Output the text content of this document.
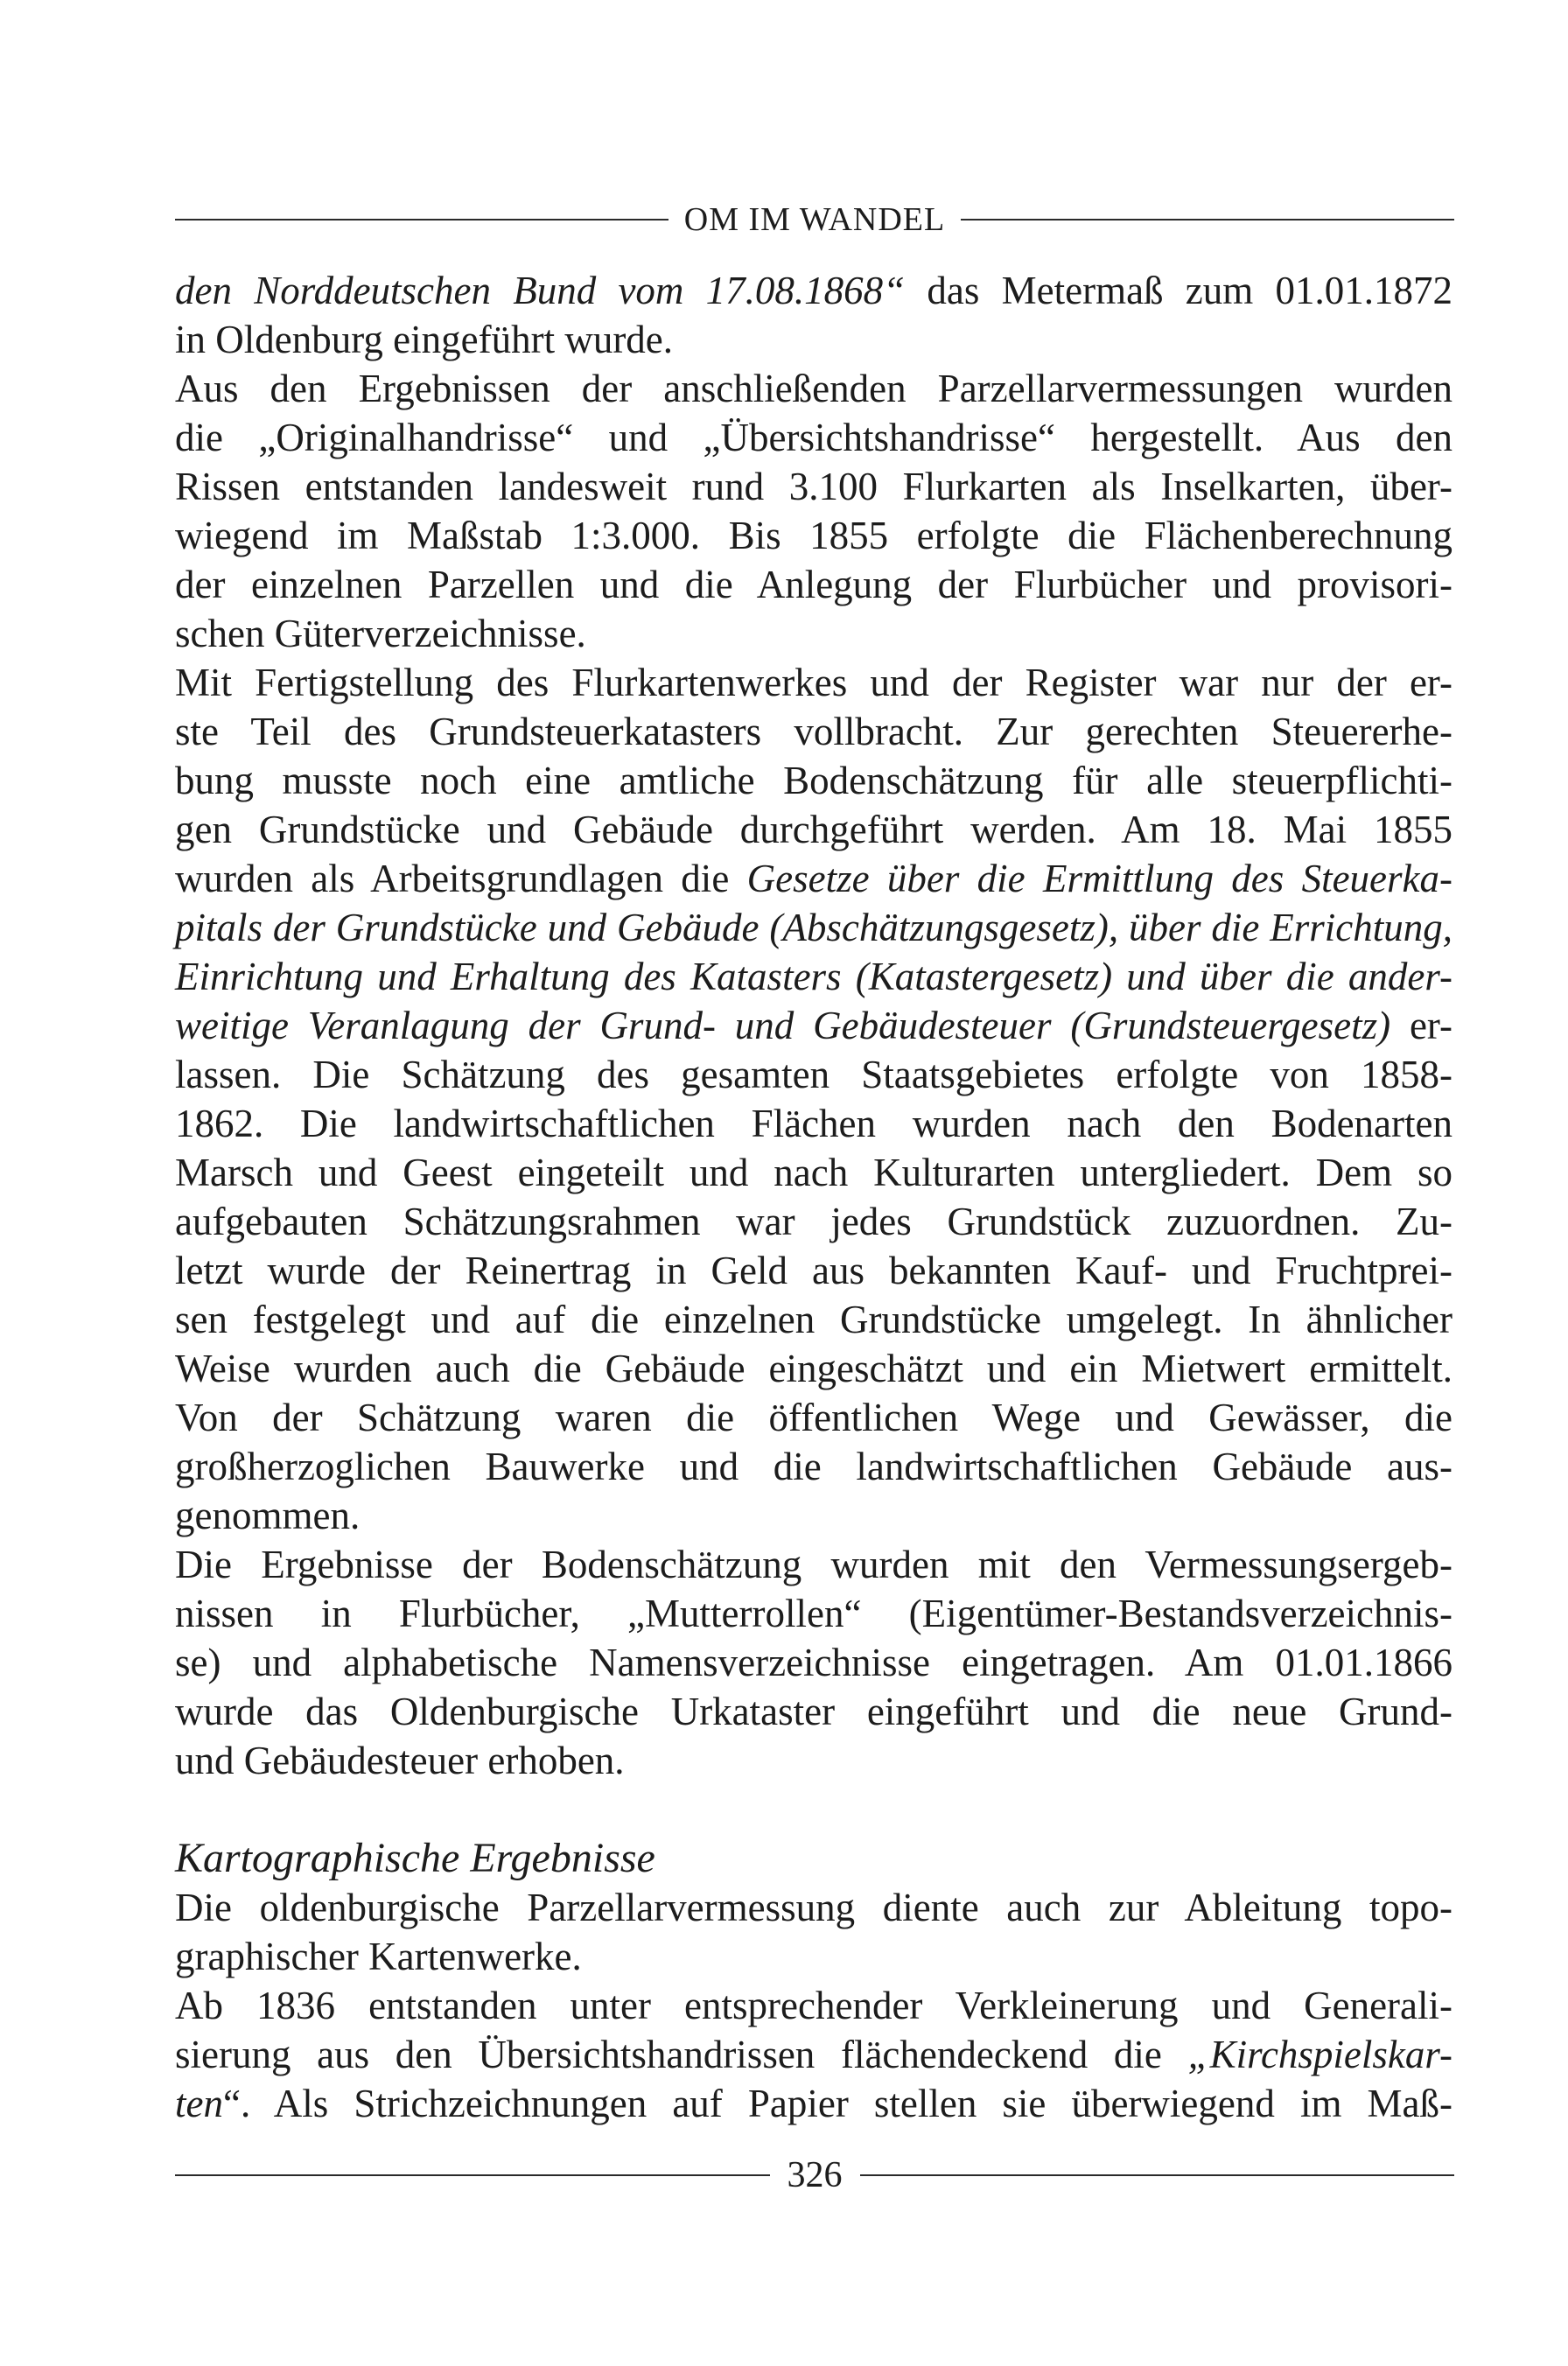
OM IM WANDEL
den Norddeutschen Bund vom 17.08.1868“ das Metermaß zum 01.01.1872
in Oldenburg eingeführt wurde.
Aus den Ergebnissen der anschließenden Parzellarvermessungen wurden
die „Originalhandrisse“ und „Übersichtshandrisse“ hergestellt. Aus den
Rissen entstanden landesweit rund 3.100 Flurkarten als Inselkarten, über-
wiegend im Maßstab 1:3.000. Bis 1855 erfolgte die Flächenberechnung
der einzelnen Parzellen und die Anlegung der Flurbücher und provisori-
schen Güterverzeichnisse.
Mit Fertigstellung des Flurkartenwerkes und der Register war nur der er-
ste Teil des Grundsteuerkatasters vollbracht. Zur gerechten Steuererhe-
bung musste noch eine amtliche Bodenschätzung für alle steuerpflichti-
gen Grundstücke und Gebäude durchgeführt werden. Am 18. Mai 1855
wurden als Arbeitsgrundlagen die Gesetze über die Ermittlung des Steuerka-
pitals der Grundstücke und Gebäude (Abschätzungsgesetz), über die Errichtung,
Einrichtung und Erhaltung des Katasters (Katastergesetz) und über die ander-
weitige Veranlagung der Grund- und Gebäudesteuer (Grundsteuergesetz) er-
lassen. Die Schätzung des gesamten Staatsgebietes erfolgte von 1858-
1862. Die landwirtschaftlichen Flächen wurden nach den Bodenarten
Marsch und Geest eingeteilt und nach Kulturarten untergliedert. Dem so
aufgebauten Schätzungsrahmen war jedes Grundstück zuzuordnen. Zu-
letzt wurde der Reinertrag in Geld aus bekannten Kauf- und Fruchtprei-
sen festgelegt und auf die einzelnen Grundstücke umgelegt. In ähnlicher
Weise wurden auch die Gebäude eingeschätzt und ein Mietwert ermittelt.
Von der Schätzung waren die öffentlichen Wege und Gewässer, die
großherzoglichen Bauwerke und die landwirtschaftlichen Gebäude aus-
genommen.
Die Ergebnisse der Bodenschätzung wurden mit den Vermessungsergeb-
nissen in Flurbücher, „Mutterrollen“ (Eigentümer-Bestandsverzeichnis-
se) und alphabetische Namensverzeichnisse eingetragen. Am 01.01.1866
wurde das Oldenburgische Urkataster eingeführt und die neue Grund-
und Gebäudesteuer erhoben.
Kartographische Ergebnisse
Die oldenburgische Parzellarvermessung diente auch zur Ableitung topo-
graphischer Kartenwerke.
Ab 1836 entstanden unter entsprechender Verkleinerung und Generali-
sierung aus den Übersichtshandrissen flächendeckend die „Kirchspielskar-
ten“. Als Strichzeichnungen auf Papier stellen sie überwiegend im Maß-
326
